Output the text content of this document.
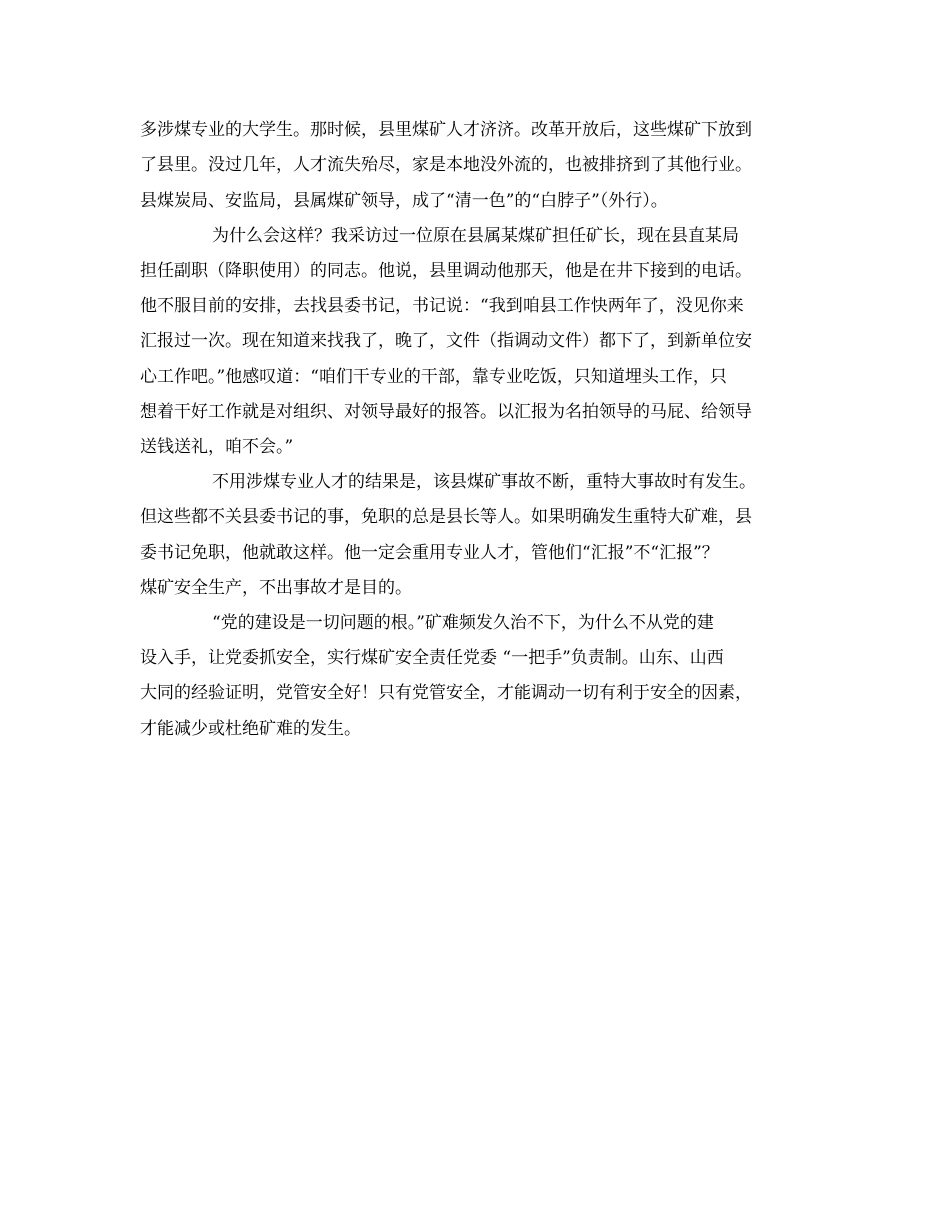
多涉煤专业的大学生。那时候，县里煤矿人才济济。改革开放后，这些煤矿下放到
了县里。没过几年，人才流失殆尽，家是本地没外流的，也被排挤到了其他行业。
县煤炭局、安监局，县属煤矿领导，成了“清一色”的“白脖子”（外行）。
为什么会这样？我采访过一位原在县属某煤矿担任矿长，现在县直某局
担任副职（降职使用）的同志。他说，县里调动他那天，他是在井下接到的电话。
他不服目前的安排，去找县委书记，书记说：“我到咱县工作快两年了，没见你来
汇报过一次。现在知道来找我了，晚了，文件（指调动文件）都下了，到新单位安
心工作吧。”他感叹道：“咱们干专业的干部，靠专业吃饭，只知道埋头工作，只
想着干好工作就是对组织、对领导最好的报答。以汇报为名拍领导的马屁、给领导
送钱送礼，咱不会。”
不用涉煤专业人才的结果是，该县煤矿事故不断，重特大事故时有发生。
但这些都不关县委书记的事，免职的总是县长等人。如果明确发生重特大矿难，县
委书记免职，他就敢这样。他一定会重用专业人才，管他们“汇报”不“汇报”？
煤矿安全生产，不出事故才是目的。
“党的建设是一切问题的根。”矿难频发久治不下，为什么不从党的建
设入手，让党委抓安全，实行煤矿安全责任党委 “一把手”负责制。山东、山西
大同的经验证明，党管安全好！只有党管安全，才能调动一切有利于安全的因素，
才能减少或杜绝矿难的发生。
